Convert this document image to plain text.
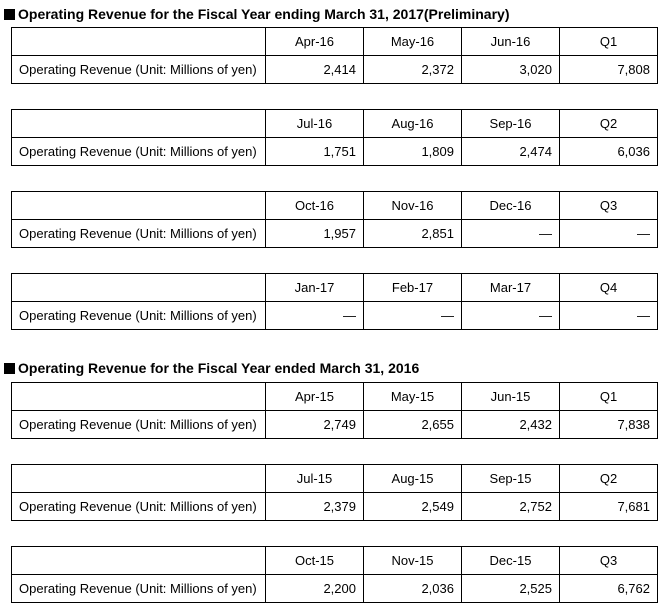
Operating Revenue for the Fiscal Year ending March 31, 2017(Preliminary)
	Apr-16	May-16	Jun-16	Q1
Operating Revenue (Unit: Millions of yen)	2,414	2,372	3,020	7,808
	Jul-16	Aug-16	Sep-16	Q2
Operating Revenue (Unit: Millions of yen)	1,751	1,809	2,474	6,036
	Oct-16	Nov-16	Dec-16	Q3
Operating Revenue (Unit: Millions of yen)	1,957	2,851	—	—
	Jan-17	Feb-17	Mar-17	Q4
Operating Revenue (Unit: Millions of yen)	—	—	—	—
Operating Revenue for the Fiscal Year ended March 31, 2016
	Apr-15	May-15	Jun-15	Q1
Operating Revenue (Unit: Millions of yen)	2,749	2,655	2,432	7,838
	Jul-15	Aug-15	Sep-15	Q2
Operating Revenue (Unit: Millions of yen)	2,379	2,549	2,752	7,681
	Oct-15	Nov-15	Dec-15	Q3
Operating Revenue (Unit: Millions of yen)	2,200	2,036	2,525	6,762
